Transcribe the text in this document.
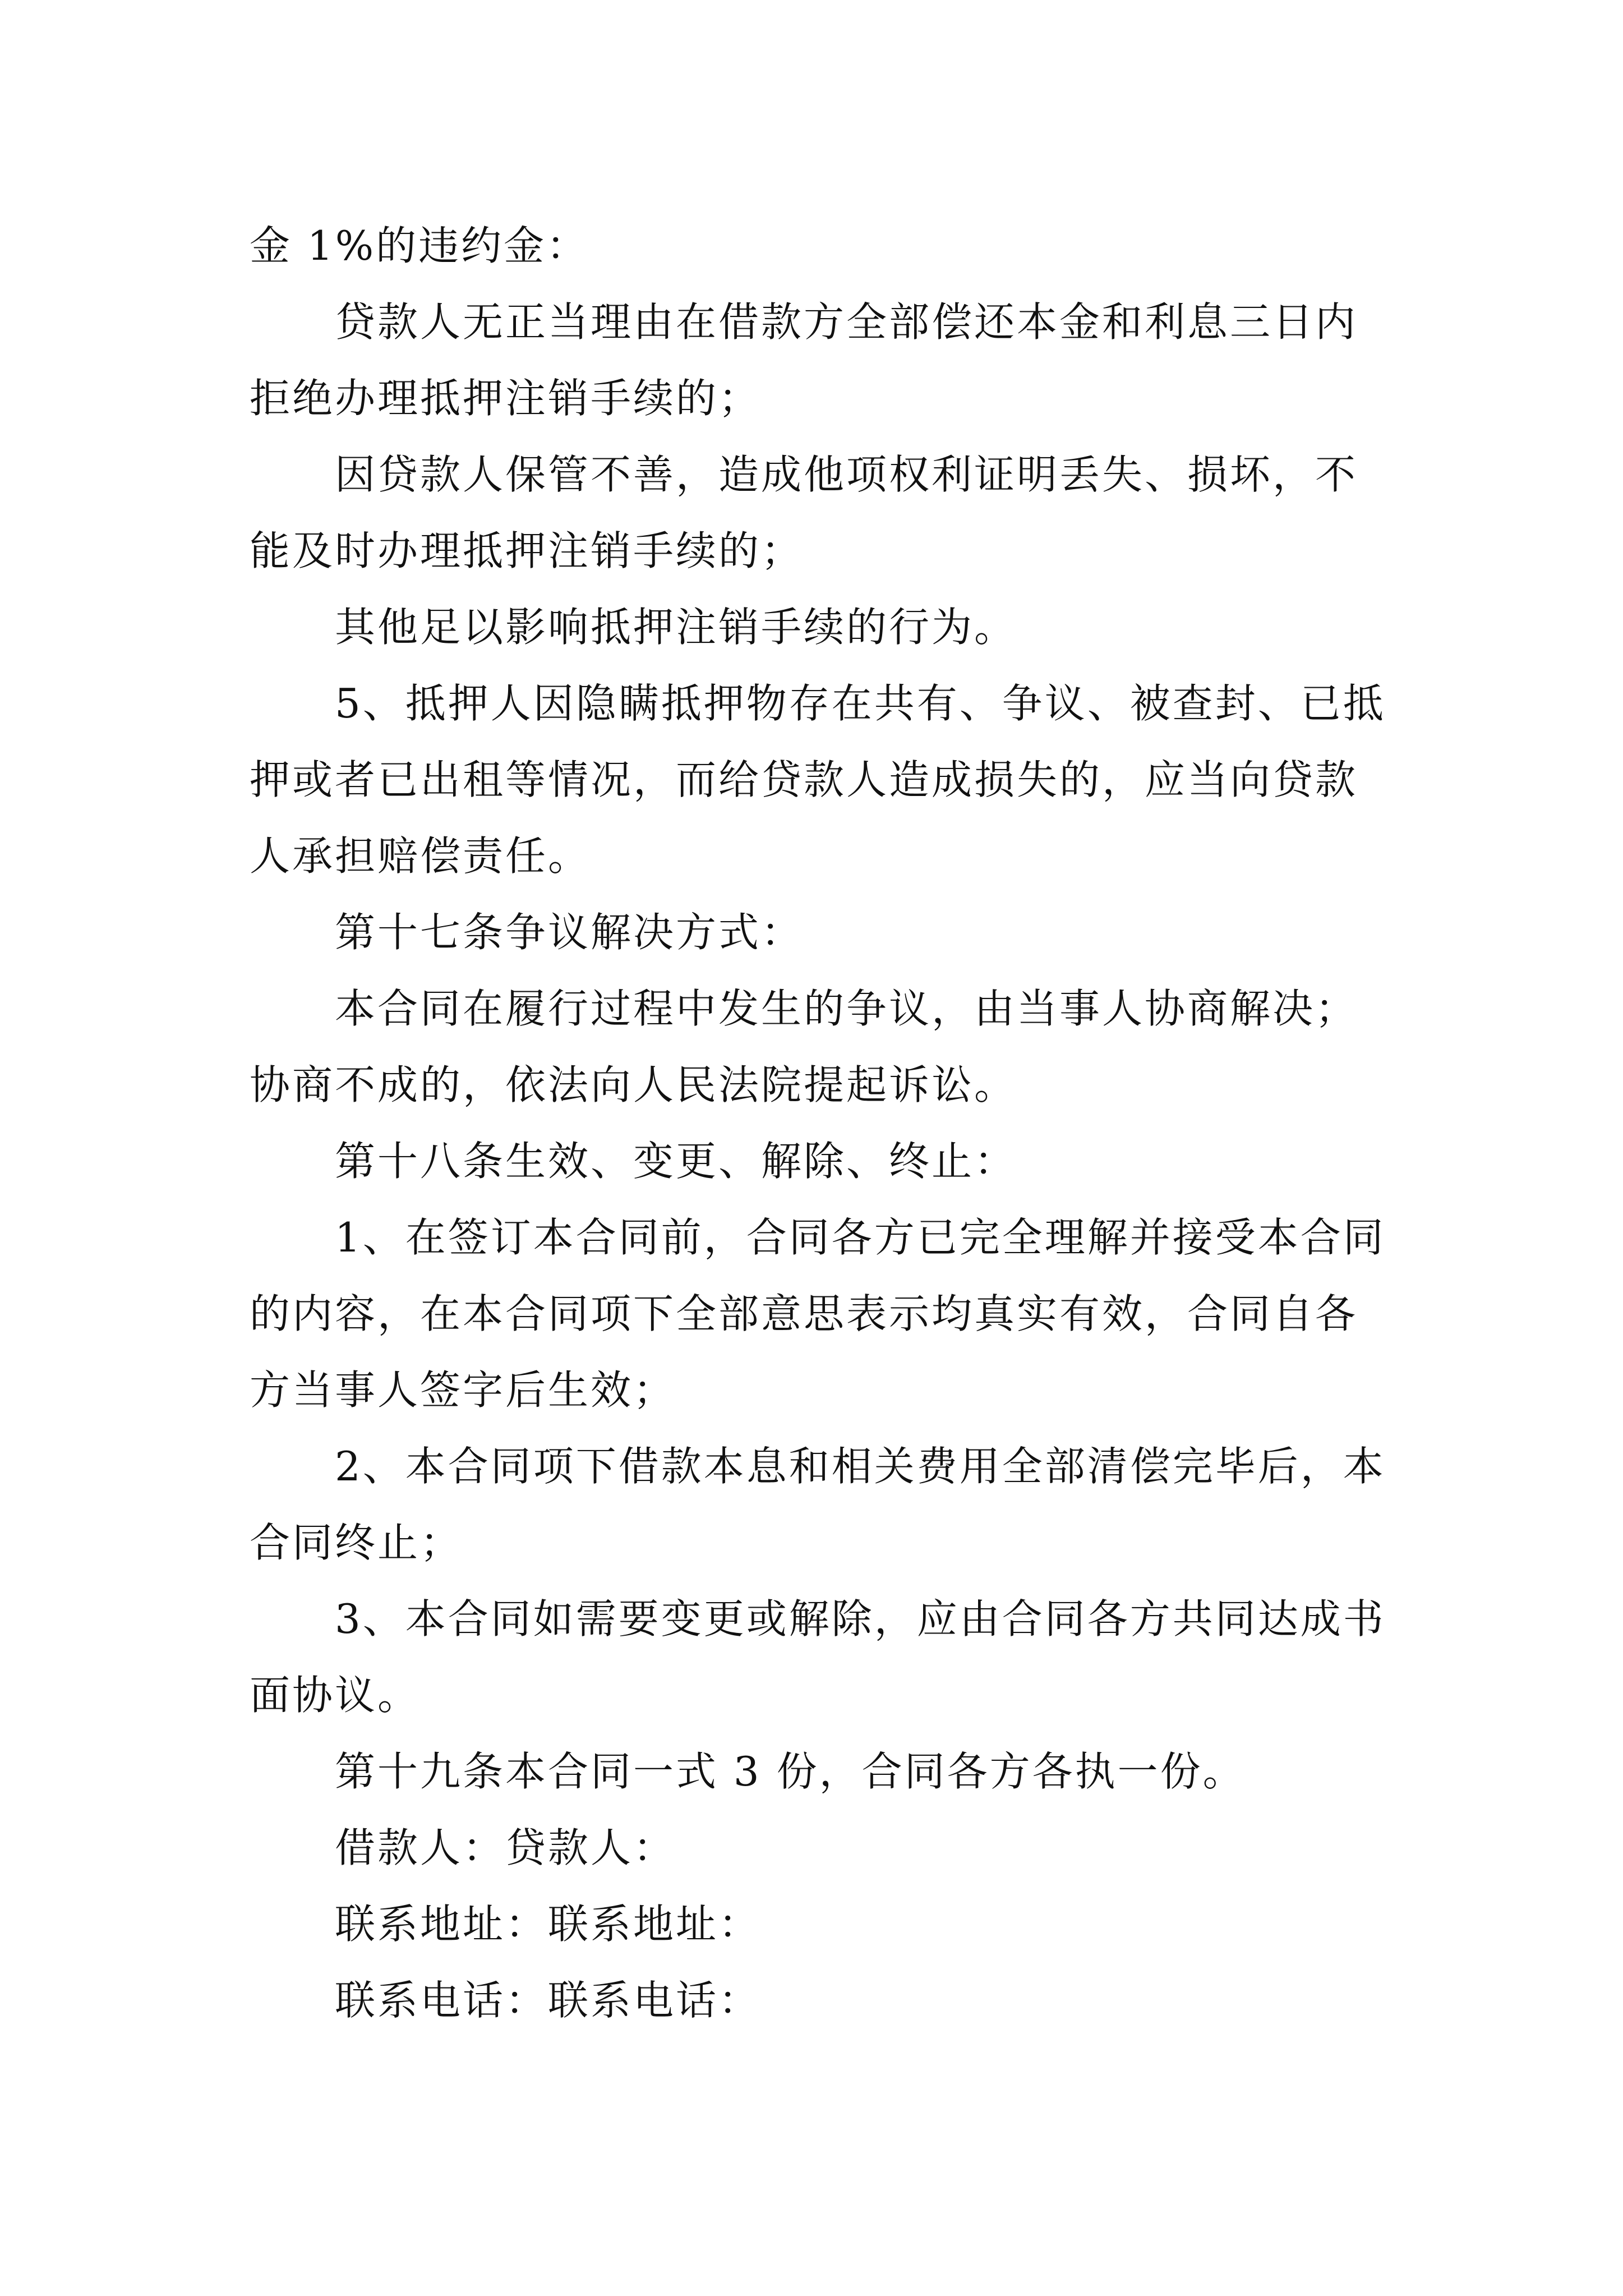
金 1%的违约金：

贷款人无正当理由在借款方全部偿还本金和利息三日内拒绝办理抵押注销手续的；

因贷款人保管不善，造成他项权利证明丢失、损坏，不能及时办理抵押注销手续的；

其他足以影响抵押注销手续的行为。

5、抵押人因隐瞒抵押物存在共有、争议、被查封、已抵押或者已出租等情况，而给贷款人造成损失的，应当向贷款人承担赔偿责任。

第十七条争议解决方式：

本合同在履行过程中发生的争议，由当事人协商解决；协商不成的，依法向人民法院提起诉讼。

第十八条生效、变更、解除、终止：

1、在签订本合同前，合同各方已完全理解并接受本合同的内容，在本合同项下全部意思表示均真实有效，合同自各方当事人签字后生效；

2、本合同项下借款本息和相关费用全部清偿完毕后，本合同终止；

3、本合同如需要变更或解除，应由合同各方共同达成书面协议。

第十九条本合同一式 3 份，合同各方各执一份。

借款人：贷款人：

联系地址：联系地址：

联系电话：联系电话：
